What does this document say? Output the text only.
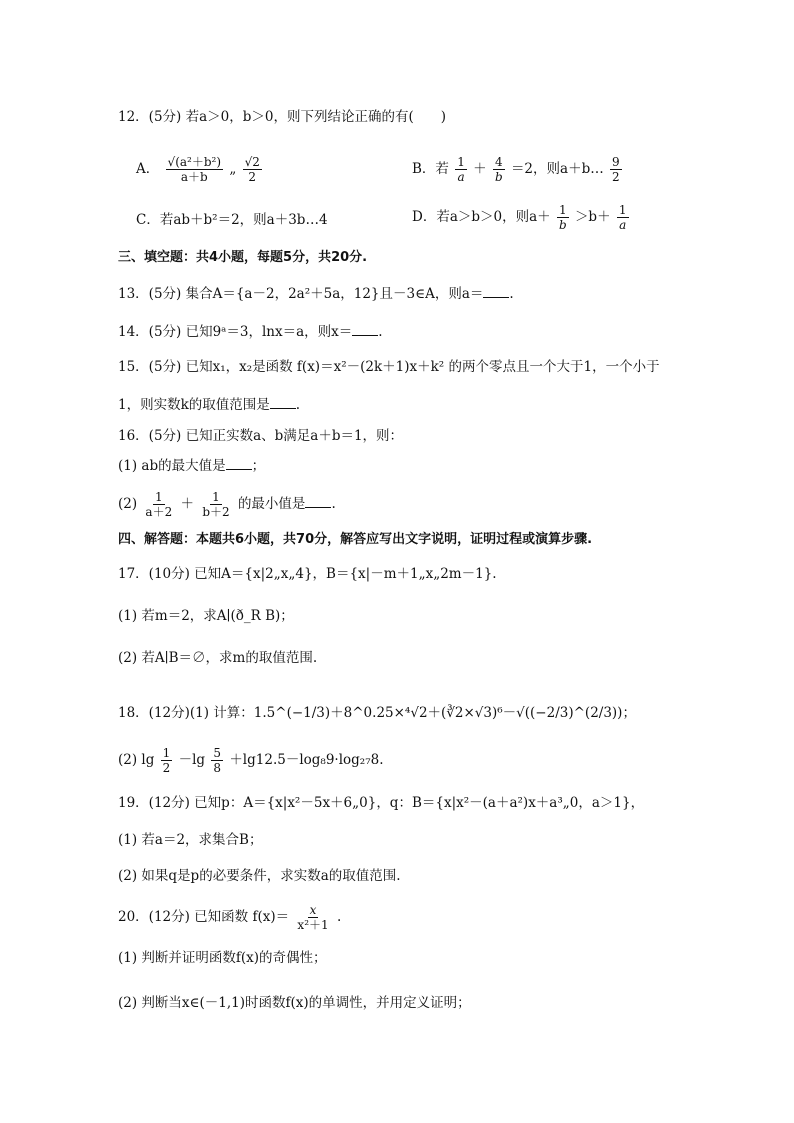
12．(5分) 若a＞0，b＞0，则下列结论正确的有(　　)
A． $\frac{\text{√(a²＋b²)}}{a+b}$ „ $\frac{√2}{2}$	B．若 $\frac{1}{a} + \frac{4}{b} =2$，则a＋b… $\frac{9}{2}$
C．若ab＋b²＝2，则a＋3b…4	D．若a＞b＞0，则$a+ \frac{1}{b} >b+ \frac{1}{a}$
三、填空题：共4小题，每题5分，共20分.
13．(5分) 集合A＝{a－2，2a²＋5a，12}且－3∈A，则a＝ .
14．(5分) 已知9ᵃ＝3，lnx＝a，则x＝ .
15．(5分) 已知x₁，x₂是函数 f(x)＝x²－(2k＋1)x＋k² 的两个零点且一个大于1，一个小于
1，则实数k的取值范围是 .
16．(5分) 已知正实数a、b满足a＋b＝1，则：
(1) ab的最大值是 ；
$(2) \frac{1}{a+2} + \frac{1}{b+2}$ 的最小值是 .
四、解答题：本题共6小题，共70分，解答应写出文字说明，证明过程或演算步骤.
17．(10分) 已知A＝{x|2„x„4}，B＝{x|－m＋1„x„2m－1}.
(1) 若m＝2，求A∣(ð_R B)；
(2) 若A∣B＝∅，求m的取值范围.
18．(12分)(1) 计算：1.5^(−1/3)＋8^0.25×⁴√2＋(∛2×√3)⁶－√((−2/3)^(2/3))；
(2) $\lg \frac{1}{2} -\lg \frac{5}{8} +\lg 12.5-\log_89\cdot\log_{27}8$.
19．(12分) 已知p：A＝{x|x²－5x＋6„0}，q：B＝{x|x²－(a＋a²)x＋a³„0，a＞1}，
(1) 若a＝2，求集合B；
(2) 如果q是p的必要条件，求实数a的取值范围.
20．(12分) 已知函数 $f(x)= \frac{x}{\text{x²＋1}}$ .
(1) 判断并证明函数f(x)的奇偶性；
(2) 判断当x∈(－1,1)时函数f(x)的单调性，并用定义证明；
